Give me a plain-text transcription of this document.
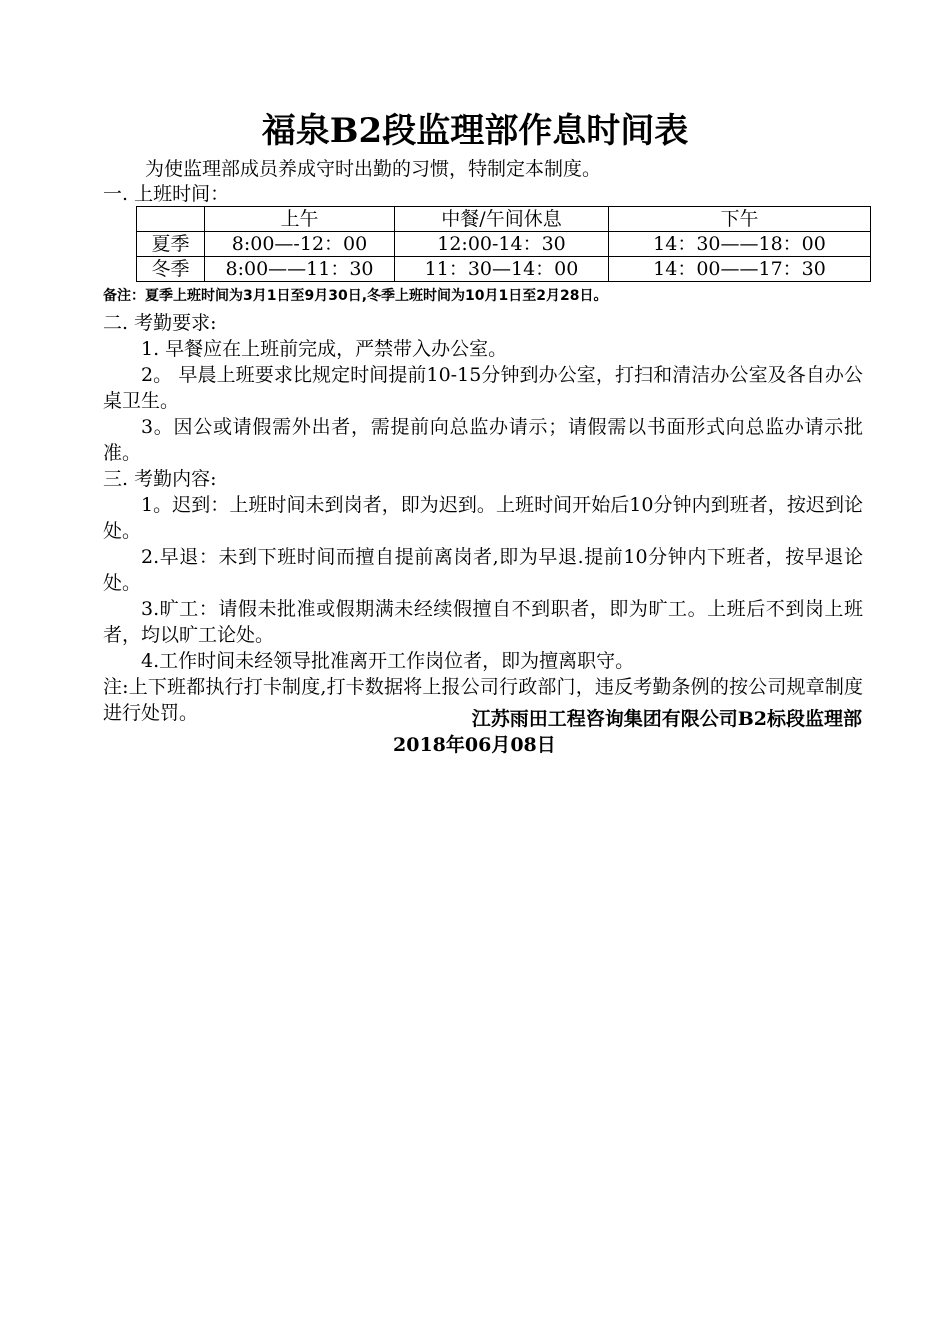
福泉B2段监理部作息时间表
为使监理部成员养成守时出勤的习惯，特制定本制度。
一. 上班时间：
	上午	中餐/午间休息	下午
夏季	8:00—-12：00	12:00-14：30	14：30——18：00
冬季	8:00——11：30	11：30—14：00	14：00——17：30
备注：夏季上班时间为3月1日至9月30日,冬季上班时间为10月1日至2月28日。
二. 考勤要求:

1. 早餐应在上班前完成，严禁带入办公室。

2。 早晨上班要求比规定时间提前10-15分钟到办公室，打扫和清洁办公室及各自办公桌卫生。

3。因公或请假需外出者，需提前向总监办请示；请假需以书面形式向总监办请示批准。

三. 考勤内容:

1。迟到：上班时间未到岗者，即为迟到。上班时间开始后10分钟内到班者，按迟到论处。

2.早退：未到下班时间而擅自提前离岗者,即为早退.提前10分钟内下班者，按早退论处。

3.旷工：请假未批准或假期满未经续假擅自不到职者，即为旷工。上班后不到岗上班者，均以旷工论处。

4.工作时间未经领导批准离开工作岗位者，即为擅离职守。

注:上下班都执行打卡制度,打卡数据将上报公司行政部门，违反考勤条例的按公司规章制度进行处罚。	江苏雨田工程咨询集团有限公司B2标段监理部
2018年06月08日
